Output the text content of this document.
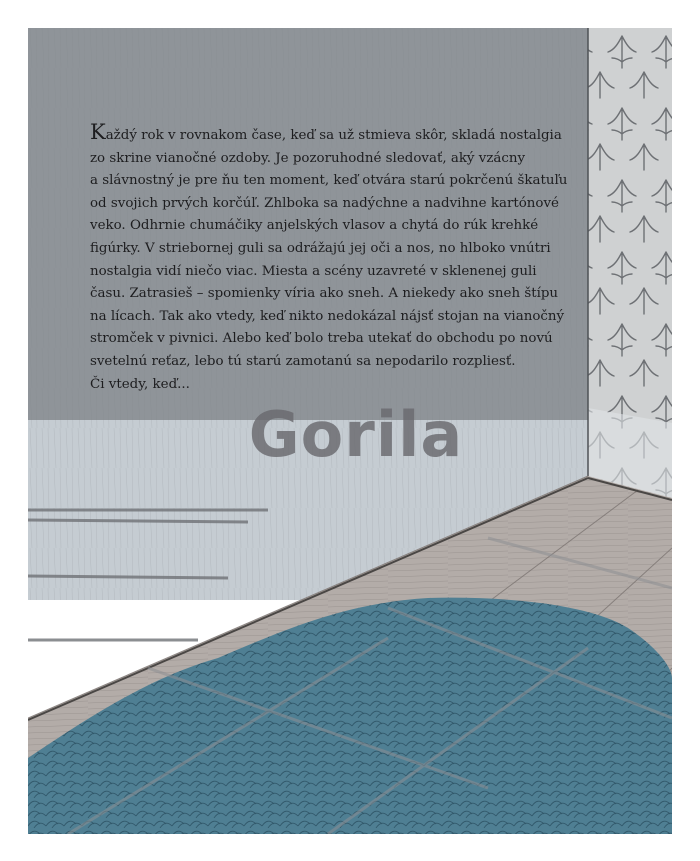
Každý rok v rovnakom čase, keď sa už stmieva skôr, skladá nostalgia
zo skrine vianočné ozdoby. Je pozoruhodné sledovať, aký vzácny
a slávnostný je pre ňu ten moment, keď otvára starú pokrčenú škatuľu
od svojich prvých korčúľ. Zhlboka sa nadýchne a nadvihne kartónové
veko. Odhrnie chumáčiky anjelských vlasov a chytá do rúk krehké
figúrky. V striebornej guli sa odrážajú jej oči a nos, no hlboko vnútri
nostalgia vidí niečo viac. Miesta a scény uzavreté v sklenenej guli
času. Zatrasieš – spomienky víria ako sneh. A niekedy ako sneh štípu
na lícach. Tak ako vtedy, keď nikto nedokázal nájsť stojan na vianočný
stromček v pivnici. Alebo keď bolo treba utekať do obchodu po novú
svetelnú reťaz, lebo tú starú zamotanú sa nepodarilo rozpliesť.
Či vtedy, keď...
Gorila
